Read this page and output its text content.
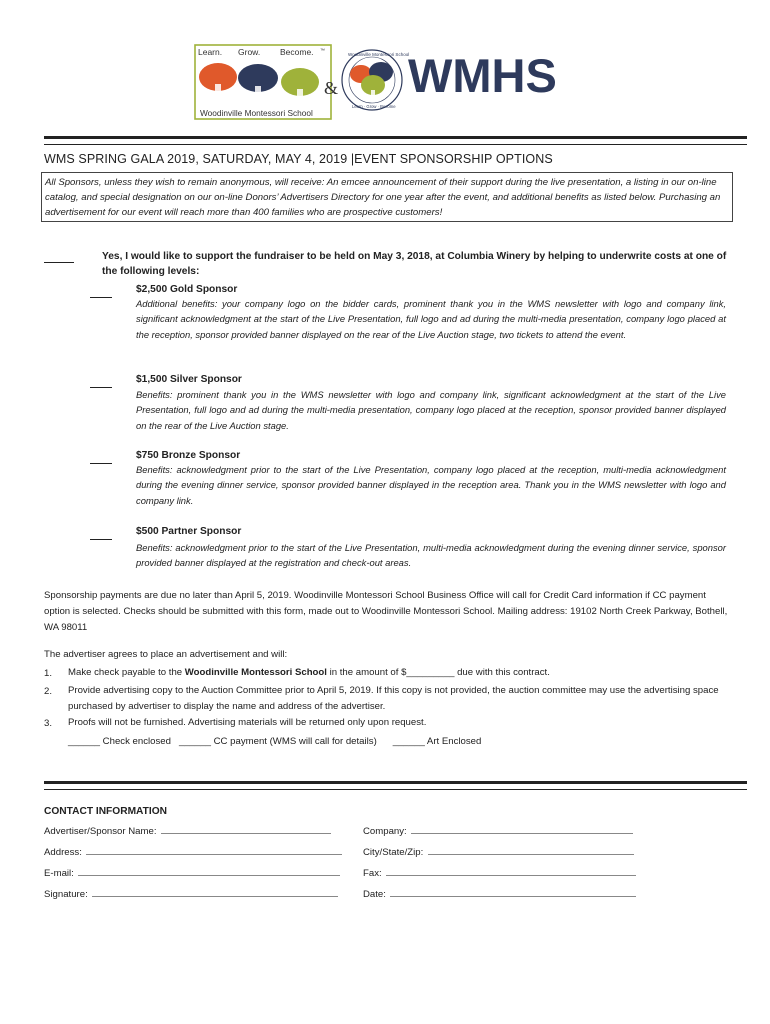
Learn. Grow. Become. ™
Woodinville Montessori School
&
Woodinville Montessori School
Learn · Grow · Become
WMHS
WMS SPRING GALA 2019, SATURDAY, MAY 4, 2019 |EVENT SPONSORSHIP OPTIONS
All Sponsors, unless they wish to remain anonymous, will receive: An emcee announcement of their support during the live presentation, a listing in our on-line catalog, and special designation on our on-line Donors’ Advertisers Directory for one year after the event, and additional benefits as listed below. Purchasing an advertisement for our event will reach more than 400 families who are prospective customers!
Yes, I would like to support the fundraiser to be held on May 3, 2018, at Columbia Winery by helping to underwrite costs at one of the following levels:
$2,500 Gold Sponsor
Additional benefits: your company logo on the bidder cards, prominent thank you in the WMS newsletter with logo and company link, significant acknowledgment at the start of the Live Presentation, full logo and ad during the multi-media presentation, company logo placed at the reception, sponsor provided banner displayed on the rear of the Live Auction stage, two tickets to attend the event.
$1,500 Silver Sponsor
Benefits: prominent thank you in the WMS newsletter with logo and company link, significant acknowledgment at the start of the Live Presentation, full logo and ad during the multi-media presentation, company logo placed at the reception, sponsor provided banner displayed on the rear of the Live Auction stage.
$750 Bronze Sponsor
Benefits: acknowledgment prior to the start of the Live Presentation, company logo placed at the reception, multi-media acknowledgment during the evening dinner service, sponsor provided banner displayed in the reception area. Thank you in the WMS newsletter with logo and company link.
$500 Partner Sponsor
Benefits: acknowledgment prior to the start of the Live Presentation, multi-media acknowledgment during the evening dinner service, sponsor provided banner displayed at the registration and check-out areas.
Sponsorship payments are due no later than April 5, 2019. Woodinville Montessori School Business Office will call for Credit Card information if CC payment option is selected. Checks should be submitted with this form, made out to Woodinville Montessori School. Mailing address: 19102 North Creek Parkway, Bothell, WA 98011
The advertiser agrees to place an advertisement and will:
1. Make check payable to the Woodinville Montessori School in the amount of $_________ due with this contract.
2. Provide advertising copy to the Auction Committee prior to April 5, 2019. If this copy is not provided, the auction committee may use the advertising space purchased by advertiser to display the name and address of the advertiser.
3. Proofs will not be furnished. Advertising materials will be returned only upon request.
______ Check enclosed ______ CC payment (WMS will call for details) ______ Art Enclosed
CONTACT INFORMATION
Advertiser/Sponsor Name:	Company:
Address:	City/State/Zip:
E-mail:	Fax:
Signature:	Date:
